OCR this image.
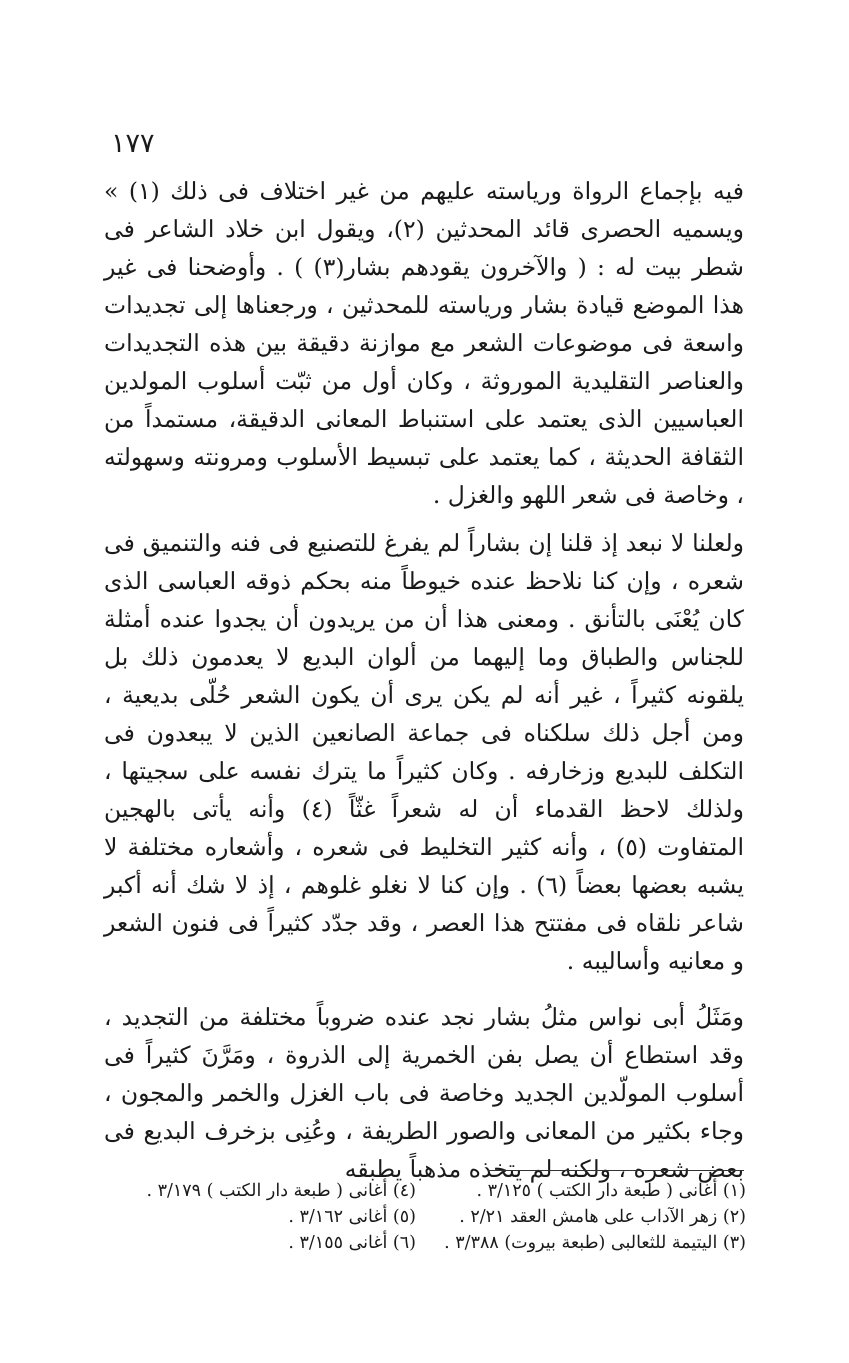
١٧٧

فيه بإجماع الرواة ورياسته عليهم من غير اختلاف فى ذلك (١) » ويسميه الحصرى قائد المحدثين (٢)، ويقول ابن خلاد الشاعر فى شطر بيت له : ( والآخرون يقودهم بشار(٣) ) . وأوضحنا فى غير هذا الموضع قيادة بشار ورياسته للمحدثين ، ورجعناها إلى تجديدات واسعة فى موضوعات الشعر مع موازنة دقيقة بين هذه التجديدات والعناصر التقليدية الموروثة ، وكان أول من ثبّت أسلوب المولدين العباسيين الذى يعتمد على استنباط المعانى الدقيقة، مستمداً من الثقافة الحديثة ، كما يعتمد على تبسيط الأسلوب ومرونته وسهولته ، وخاصة فى شعر اللهو والغزل .

ولعلنا لا نبعد إذ قلنا إن بشاراً لم يفرغ للتصنيع فى فنه والتنميق فى شعره ، وإن كنا نلاحظ عنده خيوطاً منه بحكم ذوقه العباسى الذى كان يُعْنَى بالتأنق . ومعنى هذا أن من يريدون أن يجدوا عنده أمثلة للجناس والطباق وما إليهما من ألوان البديع لا يعدمون ذلك بل يلقونه كثيراً ، غير أنه لم يكن يرى أن يكون الشعر حُلّى بديعية ، ومن أجل ذلك سلكناه فى جماعة الصانعين الذين لا يبعدون فى التكلف للبديع وزخارفه . وكان كثيراً ما يترك نفسه على سجيتها ، ولذلك لاحظ القدماء أن له شعراً غثّاً (٤) وأنه يأتى بالهجين المتفاوت (٥) ، وأنه كثير التخليط فى شعره ، وأشعاره مختلفة لا يشبه بعضها بعضاً (٦) . وإن كنا لا نغلو غلوهم ، إذ لا شك أنه أكبر شاعر نلقاه فى مفتتح هذا العصر ، وقد جدّد كثيراً فى فنون الشعر و معانيه وأساليبه .

ومَثَلُ أبى نواس مثلُ بشار نجد عنده ضروباً مختلفة من التجديد ، وقد استطاع أن يصل بفن الخمرية إلى الذروة ، ومَرَّنَ كثيراً فى أسلوب المولّدين الجديد وخاصة فى باب الغزل والخمر والمجون ، وجاء بكثير من المعانى والصور الطريفة ، وعُنِى بزخرف البديع فى بعض شعره ، ولكنه لم يتخذه مذهباً يطبقه

(١) أغانى ( طبعة دار الكتب ) ٣/١٢٥ .
(٢) زهر الآداب على هامش العقد ٢/٢١ .
(٣) اليتيمة للثعالبى (طبعة بيروت) ٣/٣٨٨ .
(٤) أغانى ( طبعة دار الكتب ) ٣/١٧٩ .
(٥) أغانى ٣/١٦٢ .
(٦) أغانى ٣/١٥٥ .
